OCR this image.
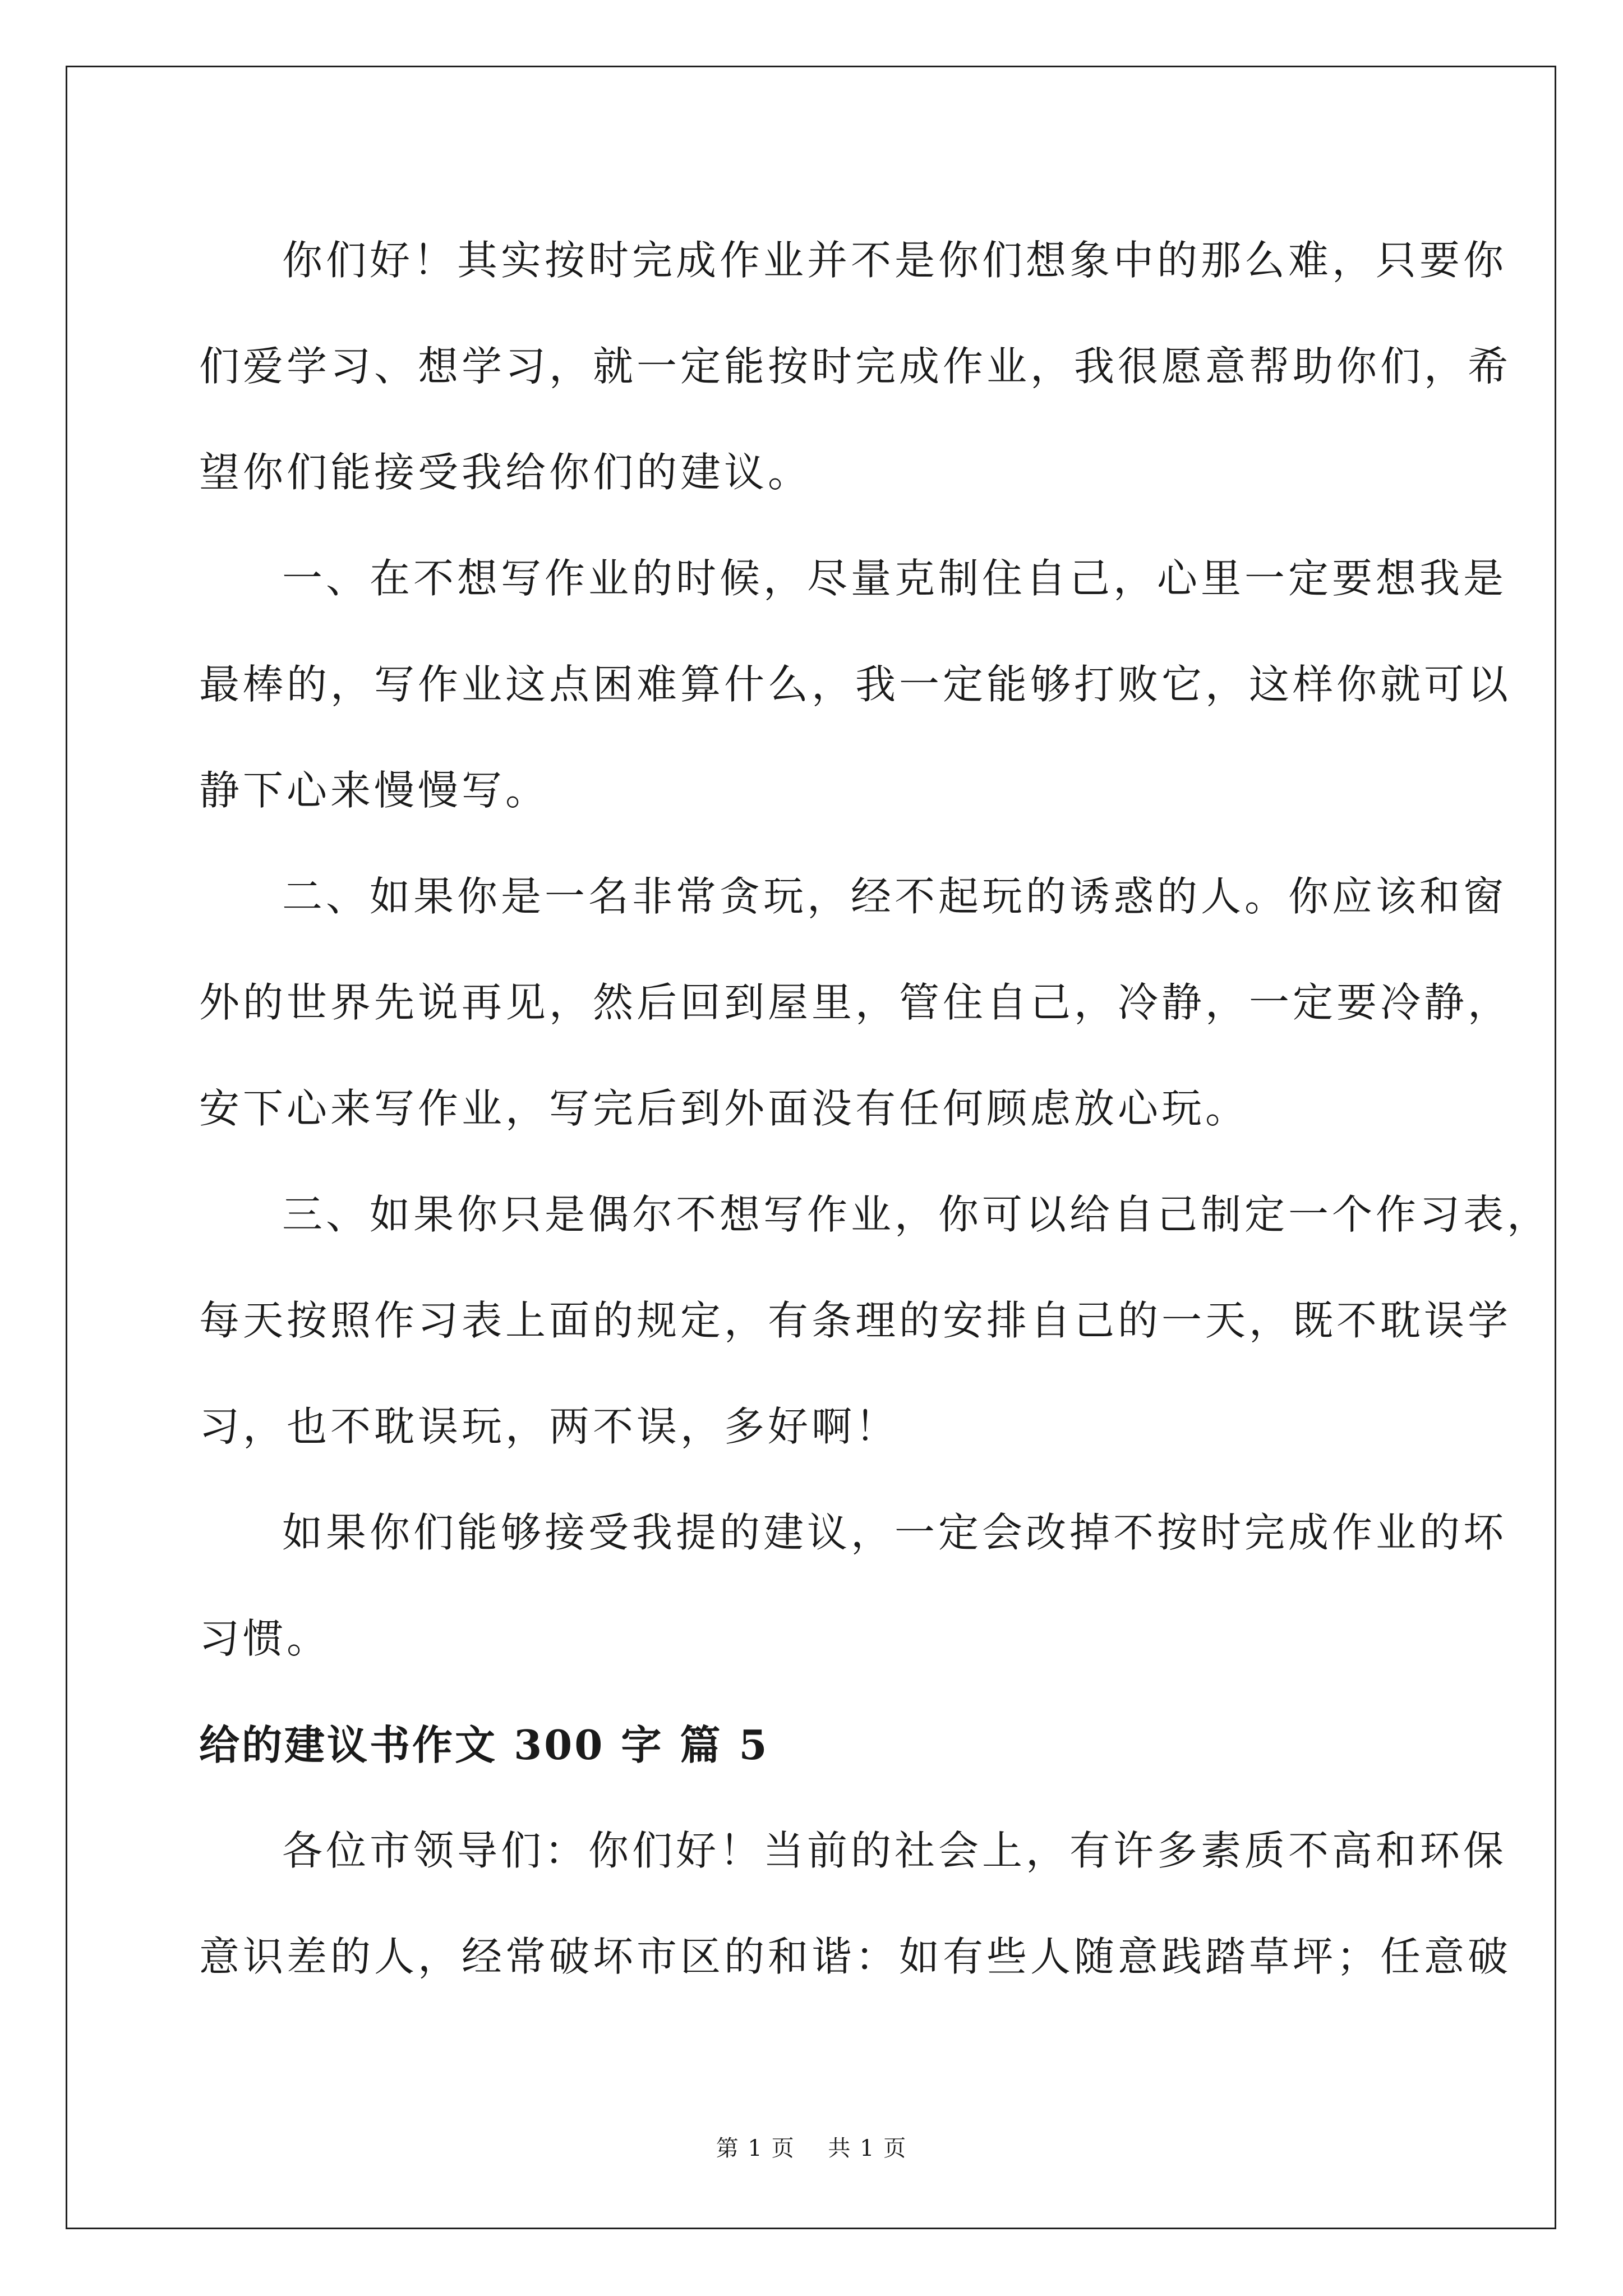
你们好！其实按时完成作业并不是你们想象中的那么难，只要你

们爱学习、想学习，就一定能按时完成作业，我很愿意帮助你们，希

望你们能接受我给你们的建议。

一、在不想写作业的时候，尽量克制住自己，心里一定要想我是

最棒的，写作业这点困难算什么，我一定能够打败它，这样你就可以

静下心来慢慢写。

二、如果你是一名非常贪玩，经不起玩的诱惑的人。你应该和窗

外的世界先说再见，然后回到屋里，管住自己，冷静，一定要冷静，

安下心来写作业，写完后到外面没有任何顾虑放心玩。

三、如果你只是偶尔不想写作业，你可以给自己制定一个作习表，

每天按照作习表上面的规定，有条理的安排自己的一天，既不耽误学

习，也不耽误玩，两不误，多好啊！

如果你们能够接受我提的建议，一定会改掉不按时完成作业的坏

习惯。

给的建议书作文 300 字 篇 5

各位市领导们：你们好！当前的社会上，有许多素质不高和环保

意识差的人，经常破坏市区的和谐：如有些人随意践踏草坪；任意破

第 1 页    共 1 页
